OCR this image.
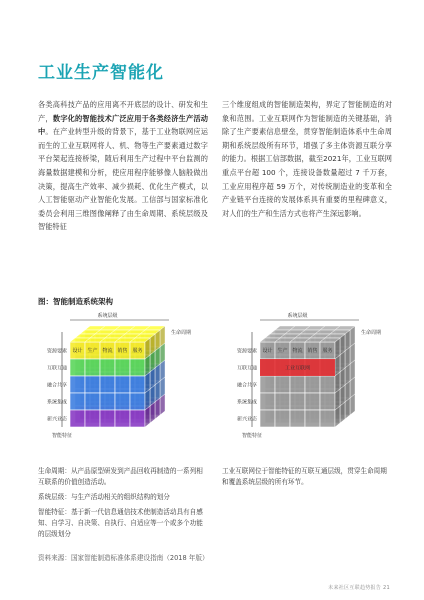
工业生产智能化
各类高科技产品的应用离不开底层的设计、研发和生产，数字化的智能技术广泛应用于各类经济生产活动中。在产业转型升级的背景下，基于工业物联网应运而生的工业互联网将人、机、物等生产要素通过数字平台架起连接桥梁，随后利用生产过程中平台监测的海量数据建模和分析，使应用程序能够像人脑般做出决策，提高生产效率、减少损耗、优化生产模式，以人工智能驱动产业智能化发展。工信部与国家标准化委员会利用三维图像阐释了由生命周期、系统层级及智能特征
三个维度组成的智能制造架构，界定了智能制造的对象和范围。工业互联网作为智能制造的关键基础，消除了生产要素信息壁垒，贯穿智能制造体系中生命周期和系统层级所有环节，增强了多主体资源互联分享的能力。根据工信部数据，截至2021年，工业互联网重点平台超 100 个，连接设备数量超过 7 千万套，工业应用程序超 59 万个，对传统制造业的变革和全产业链平台连接的发展体系具有重要的里程碑意义，对人们的生产和生活方式也将产生深远影响。
图：智能制造系统架构
资源要素
互联互通
融合共享
系统集成
新兴业态
系统层级
生命周期
智能特征
设计 生产 物流 销售 服务
工业互联网
资源要素
互联互通
融合共享
系统集成
新兴业态
系统层级
生命周期
智能特征
设计 生产 物流 销售 服务
生命周期：从产品原型研发到产品回收再制造的一系列相互联系的价值创造活动。
系统层级：与生产活动相关的组织结构的划分
智能特征：基于新一代信息通信技术使制造活动具有自感知、自学习、自决策、自执行、自适应等一个或多个功能的层级划分
工业互联网位于智能特征的互联互通层级，贯穿生命周期和覆盖系统层级的所有环节。
资料来源：国家智能制造标准体系建设指南（2018 年版）
未来社区互联趋势报告 21
